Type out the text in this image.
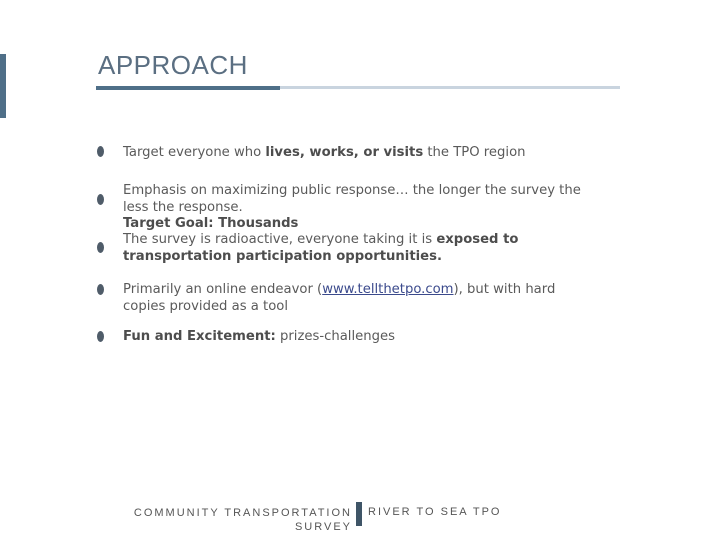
APPROACH
Target everyone who lives, works, or visits the TPO region
Emphasis on maximizing public response… the longer the survey the less the response.
Target Goal: Thousands
The survey is radioactive, everyone taking it is exposed to
transportation participation opportunities.
Primarily an online endeavor (www.tellthetpo.com), but with hard copies provided as a tool
Fun and Excitement: prizes-challenges
COMMUNITY TRANSPORTATION
SURVEY
RIVER TO SEA TPO
